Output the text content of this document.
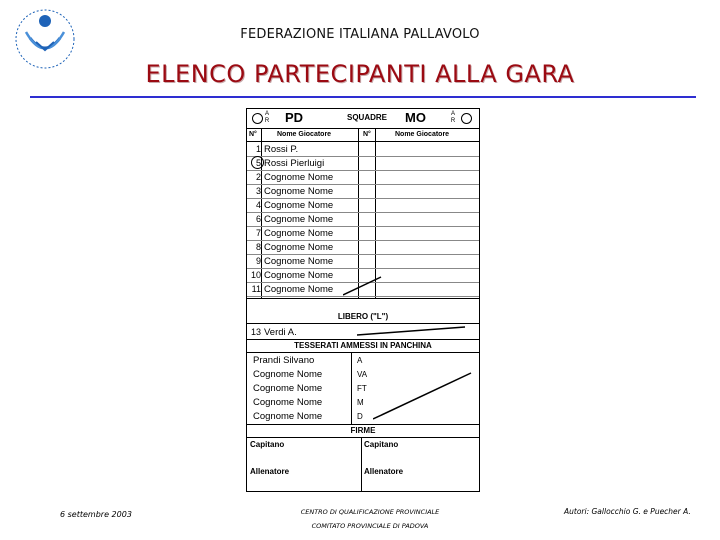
FEDERAZIONE ITALIANA PALLAVOLO
ELENCO PARTECIPANTI ALLA GARA
A
R PD	SQUADRE MO	A
R
N°	Nome Giocatore	N°	Nome Giocatore
1 Rossi P.
5 Rossi Pierluigi
2 Cognome Nome
3 Cognome Nome
4 Cognome Nome
6 Cognome Nome
7 Cognome Nome
8 Cognome Nome
9 Cognome Nome
10 Cognome Nome
11 Cognome Nome
LIBERO ("L")
13 Verdi A.
TESSERATI AMMESSI IN PANCHINA
Prandi Silvano	A
Cognome Nome	VA
Cognome Nome	FT
Cognome Nome	M
Cognome Nome	D
FIRME
Capitano	Capitano
Allenatore	Allenatore
6 settembre 2003	CENTRO DI QUALIFICAZIONE PROVINCIALE
COMITATO PROVINCIALE DI PADOVA
Autori: Gallocchio G. e Puecher A.
